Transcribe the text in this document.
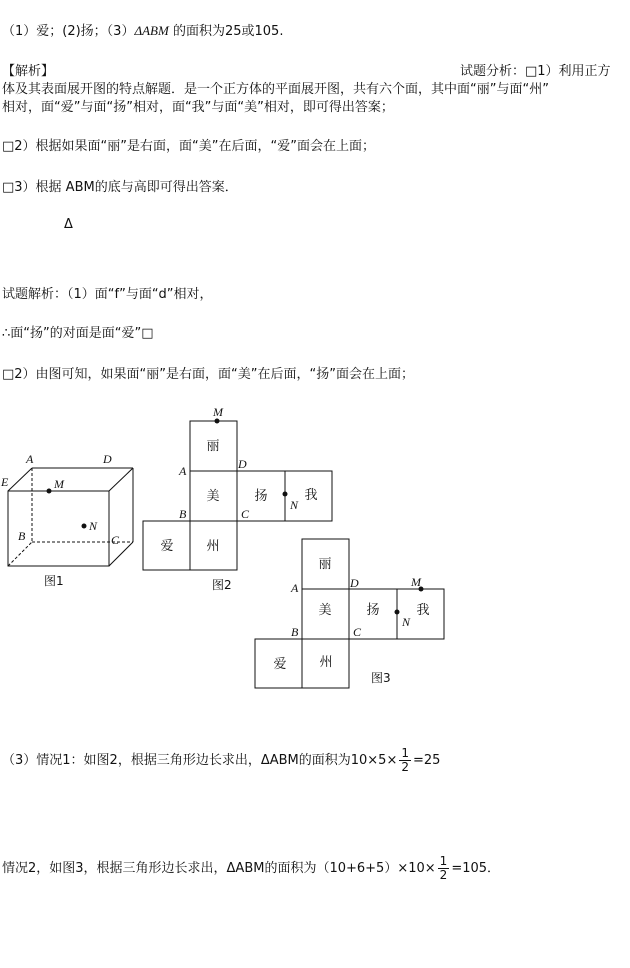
（1）爱；(2)扬；（3）ΔABM 的面积为25或105.
【解析】	试题分析：□1）利用正方
体及其表面展开图的特点解题．是一个正方体的平面展开图，共有六个面，其中面“丽”与面“州”
相对，面“爱”与面“扬”相对，面“我”与面“美”相对，即可得出答案；
□2）根据如果面“丽”是右面，面“美”在后面，“爱”面会在上面；
□3）根据 ABM的底与高即可得出答案．
Δ
试题解析：（1）面“f”与面“d”相对，
∴面“扬”的对面是面“爱”□
□2）由图可知，如果面“丽”是右面，面“美”在后面，“扬”面会在上面；
A	D
E	M
N
B	C
图1
丽
美	扬	我
爱	州
M
A	D
B	C
N
图2
丽
美	扬	我
爱	州
A	D	M
B	C
N
图3
（3）情况1：如图2，根据三角形边长求出，ΔABM的面积为$10\times 5\times \frac{1}{2} =25$
情况2，如图3，根据三角形边长求出，ΔABM的面积为$(10+6+5)\times 10\times \frac{1}{2} =105$．
